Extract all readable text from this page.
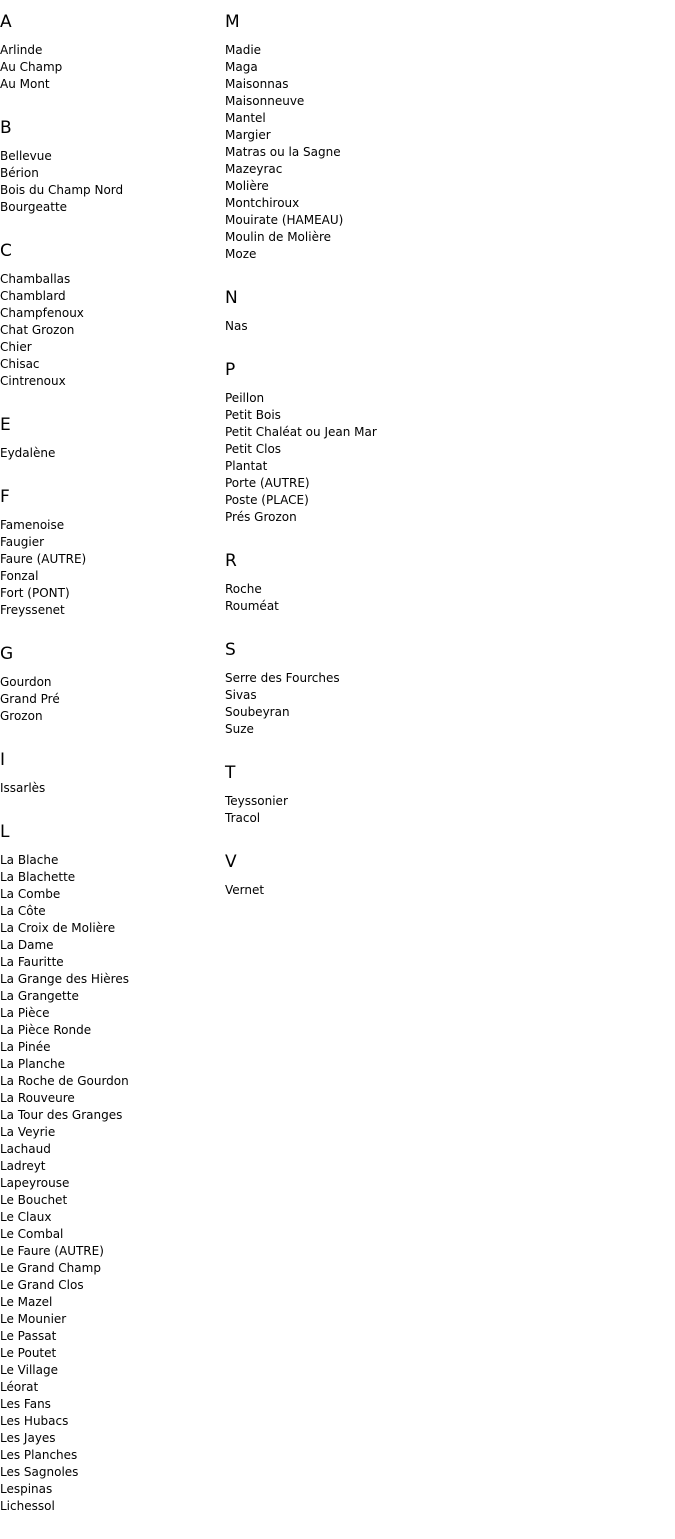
A
Arlinde
Au Champ
Au Mont
B
Bellevue
Bérion
Bois du Champ Nord
Bourgeatte
C
Chamballas
Chamblard
Champfenoux
Chat Grozon
Chier
Chisac
Cintrenoux
E
Eydalène
F
Famenoise
Faugier
Faure (AUTRE)
Fonzal
Fort (PONT)
Freyssenet
G
Gourdon
Grand Pré
Grozon
I
Issarlès
L
La Blache
La Blachette
La Combe
La Côte
La Croix de Molière
La Dame
La Fauritte
La Grange des Hières
La Grangette
La Pièce
La Pièce Ronde
La Pinée
La Planche
La Roche de Gourdon
La Rouveure
La Tour des Granges
La Veyrie
Lachaud
Ladreyt
Lapeyrouse
Le Bouchet
Le Claux
Le Combal
Le Faure (AUTRE)
Le Grand Champ
Le Grand Clos
Le Mazel
Le Mounier
Le Passat
Le Poutet
Le Village
Léorat
Les Fans
Les Hubacs
Les Jayes
Les Planches
Les Sagnoles
Lespinas
Lichessol
M
Madie
Maga
Maisonnas
Maisonneuve
Mantel
Margier
Matras ou la Sagne
Mazeyrac
Molière
Montchiroux
Mouirate (HAMEAU)
Moulin de Molière
Moze
N
Nas
P
Peillon
Petit Bois
Petit Chaléat ou Jean Mar
Petit Clos
Plantat
Porte (AUTRE)
Poste (PLACE)
Prés Grozon
R
Roche
Rouméat
S
Serre des Fourches
Sivas
Soubeyran
Suze
T
Teyssonier
Tracol
V
Vernet
